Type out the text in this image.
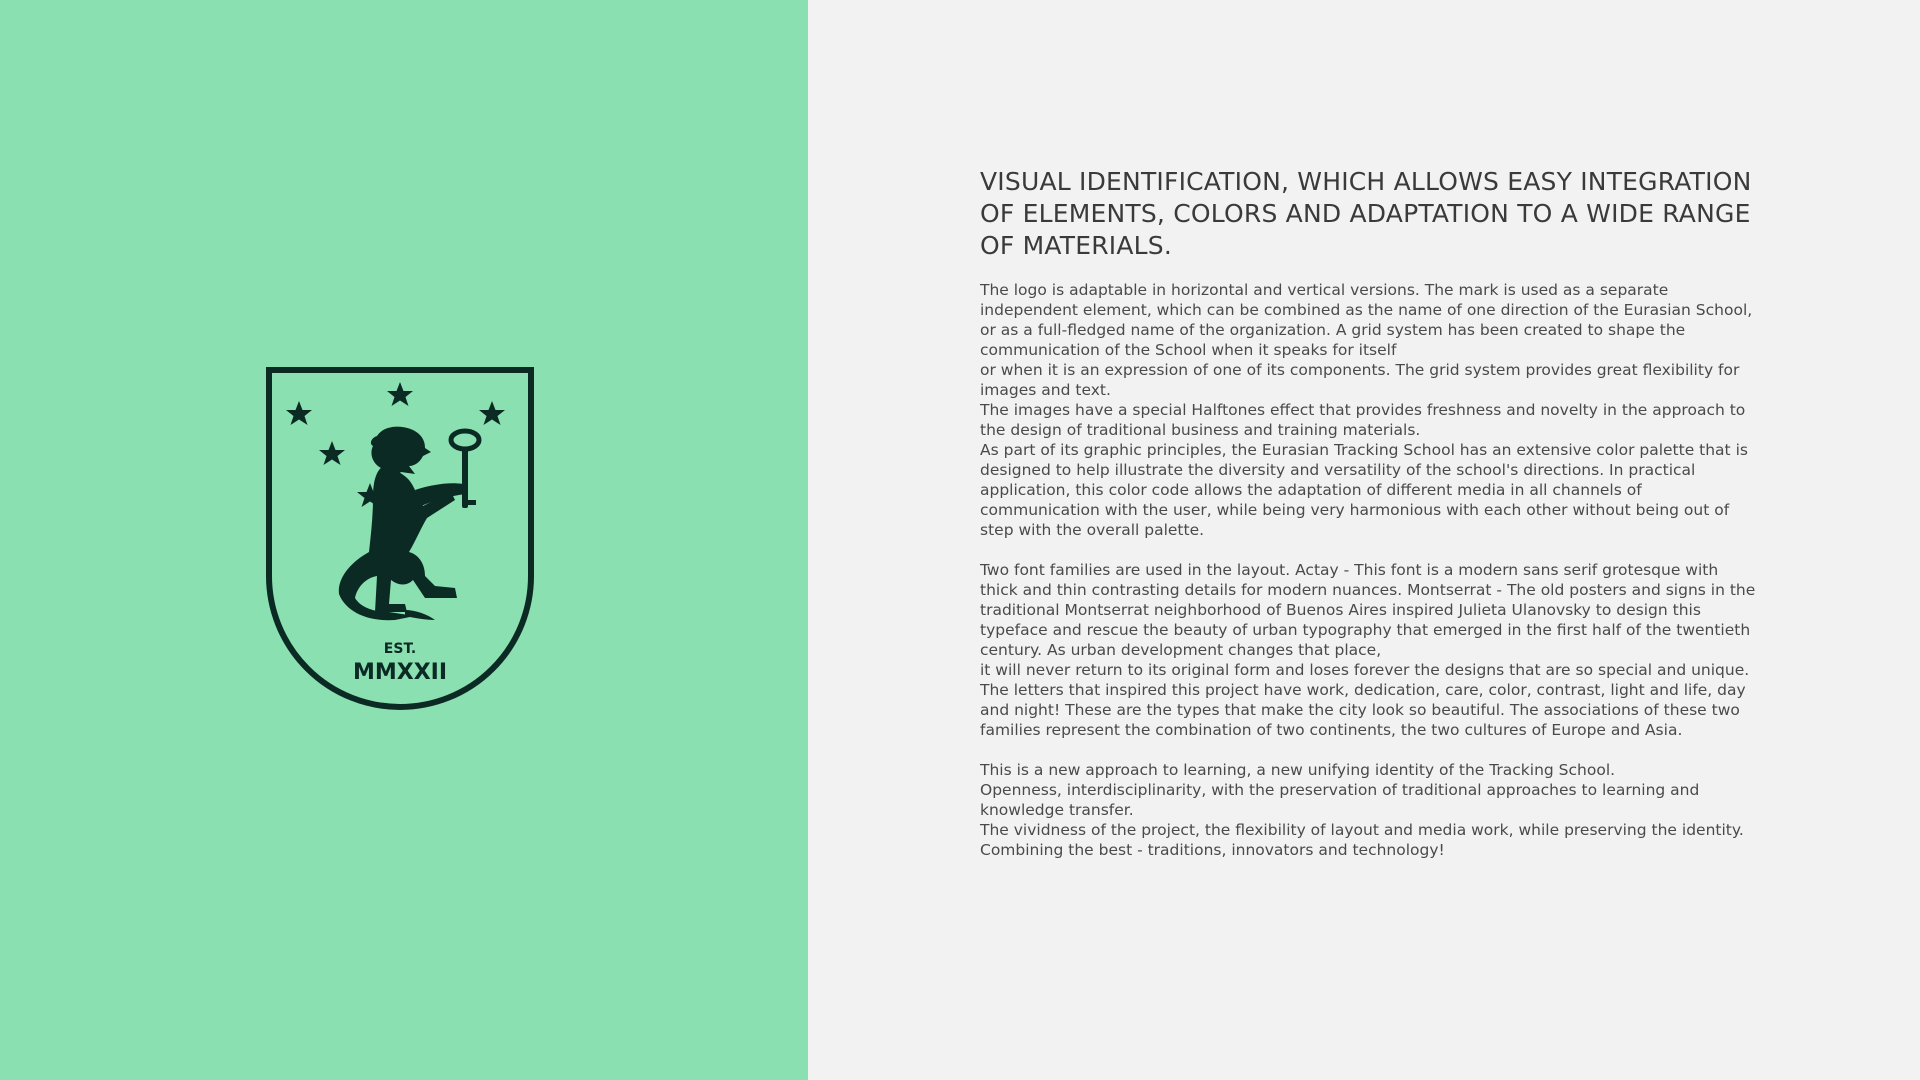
EST.
MMXXII
VISUAL IDENTIFICATION, WHICH ALLOWS EASY INTEGRATION OF ELEMENTS, COLORS AND ADAPTATION TO A WIDE RANGE OF MATERIALS.

The logo is adaptable in horizontal and vertical versions. The mark is used as a separate independent element, which can be combined as the name of one direction of the Eurasian School, or as a full-fledged name of the organization. A grid system has been created to shape the communication of the School when it speaks for itself

or when it is an expression of one of its components. The grid system provides great flexibility for images and text.

The images have a special Halftones effect that provides freshness and novelty in the approach to the design of traditional business and training materials.

As part of its graphic principles, the Eurasian Tracking School has an extensive color palette that is designed to help illustrate the diversity and versatility of the school's directions. In practical application, this color code allows the adaptation of different media in all channels of communication with the user, while being very harmonious with each other without being out of step with the overall palette.

Two font families are used in the layout. Actay - This font is a modern sans serif grotesque with thick and thin contrasting details for modern nuances. Montserrat - The old posters and signs in the traditional Montserrat neighborhood of Buenos Aires inspired Julieta Ulanovsky to design this typeface and rescue the beauty of urban typography that emerged in the first half of the twentieth century. As urban development changes that place,

it will never return to its original form and loses forever the designs that are so special and unique. The letters that inspired this project have work, dedication, care, color, contrast, light and life, day and night! These are the types that make the city look so beautiful. The associations of these two families represent the combination of two continents, the two cultures of Europe and Asia.

This is a new approach to learning, a new unifying identity of the Tracking School.

Openness, interdisciplinarity, with the preservation of traditional approaches to learning and knowledge transfer.

The vividness of the project, the flexibility of layout and media work, while preserving the identity. Combining the best - traditions, innovators and technology!
